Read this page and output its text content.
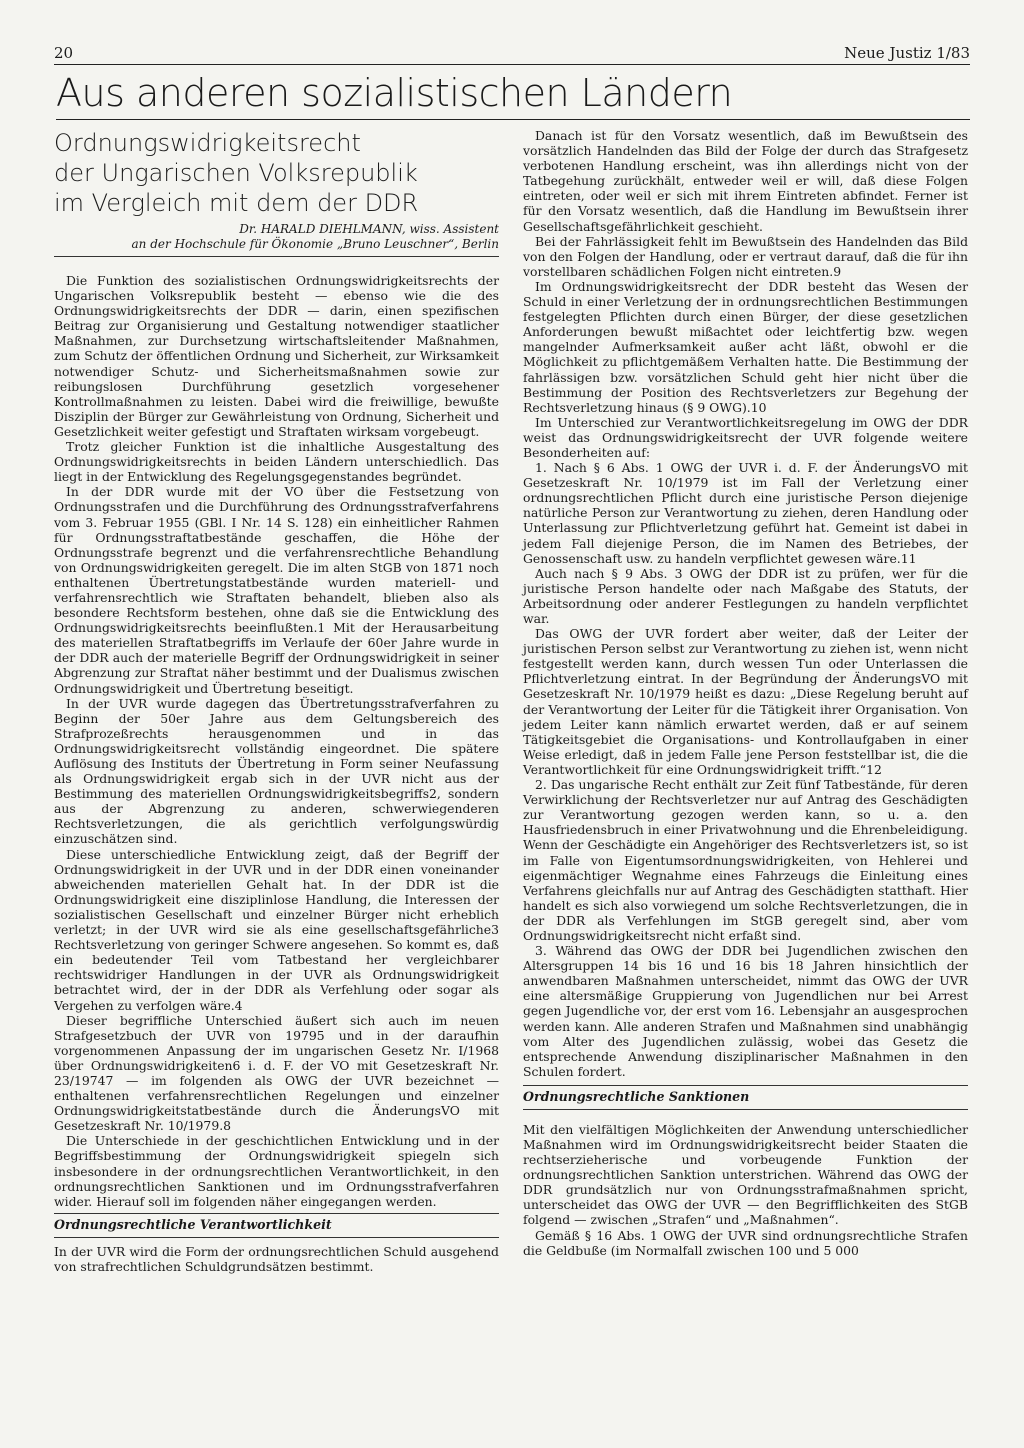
20	Neue Justiz 1/83
Aus anderen sozialistischen Ländern
Ordnungswidrigkeitsrecht
der Ungarischen Volksrepublik
im Vergleich mit dem der DDR
Dr. HARALD DIEHLMANN, wiss. Assistent
an der Hochschule für Ökonomie „Bruno Leuschner“, Berlin

Die Funktion des sozialistischen Ordnungswidrigkeitsrechts der Ungarischen Volksrepublik besteht — ebenso wie die des Ordnungswidrigkeitsrechts der DDR — darin, einen spezifischen Beitrag zur Organisierung und Gestaltung notwendiger staatlicher Maßnahmen, zur Durchsetzung wirtschaftsleitender Maßnahmen, zum Schutz der öffentlichen Ordnung und Sicherheit, zur Wirksamkeit notwendiger Schutz- und Sicherheitsmaßnahmen sowie zur reibungslosen Durchführung gesetzlich vorgesehener Kontrollmaßnahmen zu leisten. Dabei wird die freiwillige, bewußte Disziplin der Bürger zur Gewährleistung von Ordnung, Sicherheit und Gesetzlichkeit weiter gefestigt und Straftaten wirksam vorgebeugt.

Trotz gleicher Funktion ist die inhaltliche Ausgestaltung des Ordnungswidrigkeitsrechts in beiden Ländern unterschiedlich. Das liegt in der Entwicklung des Regelungsgegenstandes begründet.

In der DDR wurde mit der VO über die Festsetzung von Ordnungsstrafen und die Durchführung des Ordnungsstrafverfahrens vom 3. Februar 1955 (GBl. I Nr. 14 S. 128) ein einheitlicher Rahmen für Ordnungsstraftatbestände geschaffen, die Höhe der Ordnungsstrafe begrenzt und die verfahrensrechtliche Behandlung von Ordnungswidrigkeiten geregelt. Die im alten StGB von 1871 noch enthaltenen Übertretungstatbestände wurden materiell- und verfahrensrechtlich wie Straftaten behandelt, blieben also als besondere Rechtsform bestehen, ohne daß sie die Entwicklung des Ordnungswidrigkeitsrechts beeinflußten.1 Mit der Herausarbeitung des materiellen Straftatbegriffs im Verlaufe der 60er Jahre wurde in der DDR auch der materielle Begriff der Ordnungswidrigkeit in seiner Abgrenzung zur Straftat näher bestimmt und der Dualismus zwischen Ordnungswidrigkeit und Übertretung beseitigt.

In der UVR wurde dagegen das Übertretungsstrafverfahren zu Beginn der 50er Jahre aus dem Geltungsbereich des Strafprozeßrechts herausgenommen und in das Ordnungswidrigkeitsrecht vollständig eingeordnet. Die spätere Auflösung des Instituts der Übertretung in Form seiner Neufassung als Ordnungswidrigkeit ergab sich in der UVR nicht aus der Bestimmung des materiellen Ordnungswidrigkeitsbegriffs2, sondern aus der Abgrenzung zu anderen, schwerwiegenderen Rechtsverletzungen, die als gerichtlich verfolgungswürdig einzuschätzen sind.

Diese unterschiedliche Entwicklung zeigt, daß der Begriff der Ordnungswidrigkeit in der UVR und in der DDR einen voneinander abweichenden materiellen Gehalt hat. In der DDR ist die Ordnungswidrigkeit eine disziplinlose Handlung, die Interessen der sozialistischen Gesellschaft und einzelner Bürger nicht erheblich verletzt; in der UVR wird sie als eine gesellschaftsgefährliche3 Rechtsverletzung von geringer Schwere angesehen. So kommt es, daß ein bedeutender Teil vom Tatbestand her vergleichbarer rechtswidriger Handlungen in der UVR als Ordnungswidrigkeit betrachtet wird, der in der DDR als Verfehlung oder sogar als Vergehen zu verfolgen wäre.4

Dieser begriffliche Unterschied äußert sich auch im neuen Strafgesetzbuch der UVR von 19795 und in der daraufhin vorgenommenen Anpassung der im ungarischen Gesetz Nr. I/1968 über Ordnungswidrigkeiten6 i. d. F. der VO mit Gesetzeskraft Nr. 23/19747 — im folgenden als OWG der UVR bezeichnet — enthaltenen verfahrensrechtlichen Regelungen und einzelner Ordnungswidrigkeitstatbestände durch die ÄnderungsVO mit Gesetzeskraft Nr. 10/1979.8

Die Unterschiede in der geschichtlichen Entwicklung und in der Begriffsbestimmung der Ordnungswidrigkeit spiegeln sich insbesondere in der ordnungsrechtlichen Verantwortlichkeit, in den ordnungsrechtlichen Sanktionen und im Ordnungsstrafverfahren wider. Hierauf soll im folgenden näher eingegangen werden.

Ordnungsrechtliche Verantwortlichkeit

In der UVR wird die Form der ordnungsrechtlichen Schuld ausgehend von strafrechtlichen Schuldgrundsätzen bestimmt.

Danach ist für den Vorsatz wesentlich, daß im Bewußtsein des vorsätzlich Handelnden das Bild der Folge der durch das Strafgesetz verbotenen Handlung erscheint, was ihn allerdings nicht von der Tatbegehung zurückhält, entweder weil er will, daß diese Folgen eintreten, oder weil er sich mit ihrem Eintreten abfindet. Ferner ist für den Vorsatz wesentlich, daß die Handlung im Bewußtsein ihrer Gesellschaftsgefährlichkeit geschieht.

Bei der Fahrlässigkeit fehlt im Bewußtsein des Handelnden das Bild von den Folgen der Handlung, oder er vertraut darauf, daß die für ihn vorstellbaren schädlichen Folgen nicht eintreten.9

Im Ordnungswidrigkeitsrecht der DDR besteht das Wesen der Schuld in einer Verletzung der in ordnungsrechtlichen Bestimmungen festgelegten Pflichten durch einen Bürger, der diese gesetzlichen Anforderungen bewußt mißachtet oder leichtfertig bzw. wegen mangelnder Aufmerksamkeit außer acht läßt, obwohl er die Möglichkeit zu pflichtgemäßem Verhalten hatte. Die Bestimmung der fahrlässigen bzw. vorsätzlichen Schuld geht hier nicht über die Bestimmung der Position des Rechtsverletzers zur Begehung der Rechtsverletzung hinaus (§ 9 OWG).10

Im Unterschied zur Verantwortlichkeitsregelung im OWG der DDR weist das Ordnungswidrigkeitsrecht der UVR folgende weitere Besonderheiten auf:

1. Nach § 6 Abs. 1 OWG der UVR i. d. F. der ÄnderungsVO mit Gesetzeskraft Nr. 10/1979 ist im Fall der Verletzung einer ordnungsrechtlichen Pflicht durch eine juristische Person diejenige natürliche Person zur Verantwortung zu ziehen, deren Handlung oder Unterlassung zur Pflichtverletzung geführt hat. Gemeint ist dabei in jedem Fall diejenige Person, die im Namen des Betriebes, der Genossenschaft usw. zu handeln verpflichtet gewesen wäre.11

Auch nach § 9 Abs. 3 OWG der DDR ist zu prüfen, wer für die juristische Person handelte oder nach Maßgabe des Statuts, der Arbeitsordnung oder anderer Festlegungen zu handeln verpflichtet war.

Das OWG der UVR fordert aber weiter, daß der Leiter der juristischen Person selbst zur Verantwortung zu ziehen ist, wenn nicht festgestellt werden kann, durch wessen Tun oder Unterlassen die Pflichtverletzung eintrat. In der Begründung der ÄnderungsVO mit Gesetzeskraft Nr. 10/1979 heißt es dazu: „Diese Regelung beruht auf der Verantwortung der Leiter für die Tätigkeit ihrer Organisation. Von jedem Leiter kann nämlich erwartet werden, daß er auf seinem Tätigkeitsgebiet die Organisations- und Kontrollaufgaben in einer Weise erledigt, daß in jedem Falle jene Person feststellbar ist, die die Verantwortlichkeit für eine Ordnungswidrigkeit trifft.“12

2. Das ungarische Recht enthält zur Zeit fünf Tatbestände, für deren Verwirklichung der Rechtsverletzer nur auf Antrag des Geschädigten zur Verantwortung gezogen werden kann, so u. a. den Hausfriedensbruch in einer Privatwohnung und die Ehrenbeleidigung. Wenn der Geschädigte ein Angehöriger des Rechtsverletzers ist, so ist im Falle von Eigentumsordnungswidrigkeiten, von Hehlerei und eigenmächtiger Wegnahme eines Fahrzeugs die Einleitung eines Verfahrens gleichfalls nur auf Antrag des Geschädigten statthaft. Hier handelt es sich also vorwiegend um solche Rechtsverletzungen, die in der DDR als Verfehlungen im StGB geregelt sind, aber vom Ordnungswidrigkeitsrecht nicht erfaßt sind.

3. Während das OWG der DDR bei Jugendlichen zwischen den Altersgruppen 14 bis 16 und 16 bis 18 Jahren hinsichtlich der anwendbaren Maßnahmen unterscheidet, nimmt das OWG der UVR eine altersmäßige Gruppierung von Jugendlichen nur bei Arrest gegen Jugendliche vor, der erst vom 16. Lebensjahr an ausgesprochen werden kann. Alle anderen Strafen und Maßnahmen sind unabhängig vom Alter des Jugendlichen zulässig, wobei das Gesetz die entsprechende Anwendung disziplinarischer Maßnahmen in den Schulen fordert.

Ordnungsrechtliche Sanktionen

Mit den vielfältigen Möglichkeiten der Anwendung unterschiedlicher Maßnahmen wird im Ordnungswidrigkeitsrecht beider Staaten die rechtserzieherische und vorbeugende Funktion der ordnungsrechtlichen Sanktion unterstrichen. Während das OWG der DDR grundsätzlich nur von Ordnungsstrafmaßnahmen spricht, unterscheidet das OWG der UVR — den Begrifflichkeiten des StGB folgend — zwischen „Strafen“ und „Maßnahmen“.

Gemäß § 16 Abs. 1 OWG der UVR sind ordnungsrechtliche Strafen die Geldbuße (im Normalfall zwischen 100 und 5 000
